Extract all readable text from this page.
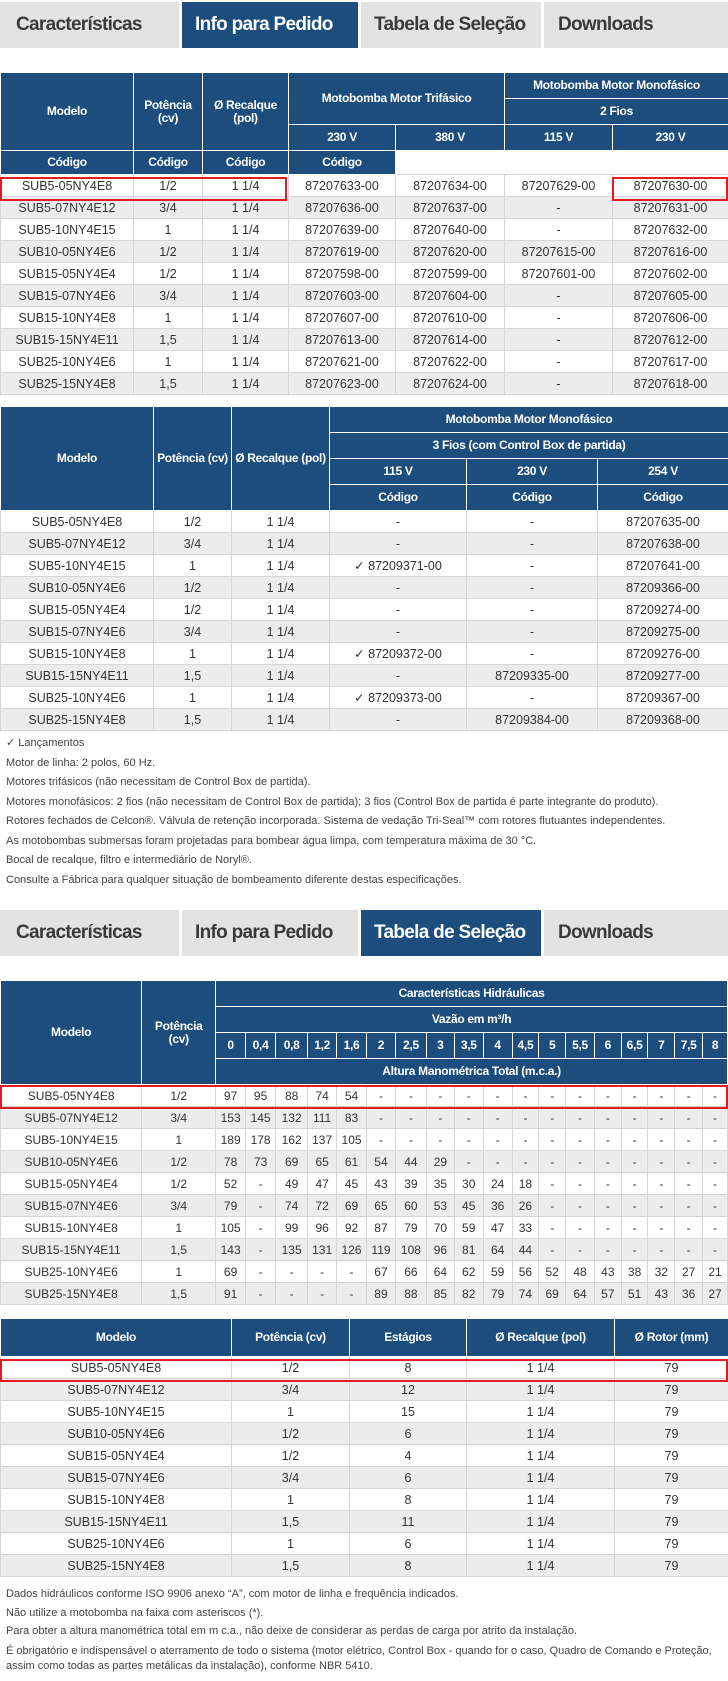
Características	Info para Pedido	Tabela de Seleção	Downloads
Modelo	Potência (cv)	Ø Recalque (pol)	Motobomba Motor Trifásico		Motobomba Motor Monofásico	
					2 Fios	
			230 V	380 V	115 V	230 V
Código	Código	Código	Código			
SUB5-05NY4E8	1/2	1 1/4	87207633-00	87207634-00	87207629-00	87207630-00
SUB5-07NY4E12	3/4	1 1/4	87207636-00	87207637-00	-	87207631-00
SUB5-10NY4E15	1	1 1/4	87207639-00	87207640-00	-	87207632-00
SUB10-05NY4E6	1/2	1 1/4	87207619-00	87207620-00	87207615-00	87207616-00
SUB15-05NY4E4	1/2	1 1/4	87207598-00	87207599-00	87207601-00	87207602-00
SUB15-07NY4E6	3/4	1 1/4	87207603-00	87207604-00	-	87207605-00
SUB15-10NY4E8	1	1 1/4	87207607-00	87207610-00	-	87207606-00
SUB15-15NY4E11	1,5	1 1/4	87207613-00	87207614-00	-	87207612-00
SUB25-10NY4E6	1	1 1/4	87207621-00	87207622-00	-	87207617-00
SUB25-15NY4E8	1,5	1 1/4	87207623-00	87207624-00	-	87207618-00
Modelo	Potência (cv)	Ø Recalque (pol)	Motobomba Motor Monofásico		
			3 Fios (com Control Box de partida)		
			115 V	230 V	254 V
			Código	Código	Código
SUB5-05NY4E8	1/2	1 1/4	-	-	87207635-00
SUB5-07NY4E12	3/4	1 1/4	-	-	87207638-00
SUB5-10NY4E15	1	1 1/4	✓ 87209371-00	-	87207641-00
SUB10-05NY4E6	1/2	1 1/4	-	-	87209366-00
SUB15-05NY4E4	1/2	1 1/4	-	-	87209274-00
SUB15-07NY4E6	3/4	1 1/4	-	-	87209275-00
SUB15-10NY4E8	1	1 1/4	✓ 87209372-00	-	87209276-00
SUB15-15NY4E11	1,5	1 1/4	-	87209335-00	87209277-00
SUB25-10NY4E6	1	1 1/4	✓ 87209373-00	-	87209367-00
SUB25-15NY4E8	1,5	1 1/4	-	87209384-00	87209368-00
✓ Lançamentos
Motor de linha: 2 polos, 60 Hz.
Motores trifásicos (não necessitam de Control Box de partida).
Motores monofásicos: 2 fios (não necessitam de Control Box de partida); 3 fios (Control Box de partida é parte integrante do produto).
Rotores fechados de Celcon®. Válvula de retenção incorporada. Sistema de vedação Tri-Seal™ com rotores flutuantes independentes.
As motobombas submersas foram projetadas para bombear água limpa, com temperatura máxima de 30 °C.
Bocal de recalque, filtro e intermediário de Noryl®.
Consulte a Fábrica para qualquer situação de bombeamento diferente destas especificações.
Características	Info para Pedido	Tabela de Seleção	Downloads
Modelo	Potência (cv)	Características Hidráulicas																	
		Vazão em m³/h																	
		0	0,4	0,8	1,2	1,6	2	2,5	3	3,5	4	4,5	5	5,5	6	6,5	7	7,5	8
		Altura Manométrica Total (m.c.a.)																	
SUB5-05NY4E8	1/2	97	95	88	74	54	-	-	-	-	-	-	-	-	-	-	-	-	-
SUB5-07NY4E12	3/4	153	145	132	111	83	-	-	-	-	-	-	-	-	-	-	-	-	-
SUB5-10NY4E15	1	189	178	162	137	105	-	-	-	-	-	-	-	-	-	-	-	-	-
SUB10-05NY4E6	1/2	78	73	69	65	61	54	44	29	-	-	-	-	-	-	-	-	-	-
SUB15-05NY4E4	1/2	52	-	49	47	45	43	39	35	30	24	18	-	-	-	-	-	-	-
SUB15-07NY4E6	3/4	79	-	74	72	69	65	60	53	45	36	26	-	-	-	-	-	-	-
SUB15-10NY4E8	1	105	-	99	96	92	87	79	70	59	47	33	-	-	-	-	-	-	-
SUB15-15NY4E11	1,5	143	-	135	131	126	119	108	96	81	64	44	-	-	-	-	-	-	-
SUB25-10NY4E6	1	69	-	-	-	-	67	66	64	62	59	56	52	48	43	38	32	27	21
SUB25-15NY4E8	1,5	91	-	-	-	-	89	88	85	82	79	74	69	64	57	51	43	36	27
Modelo	Potência (cv)	Estágios	Ø Recalque (pol)	Ø Rotor (mm)
SUB5-05NY4E8	1/2	8	1 1/4	79
SUB5-07NY4E12	3/4	12	1 1/4	79
SUB5-10NY4E15	1	15	1 1/4	79
SUB10-05NY4E6	1/2	6	1 1/4	79
SUB15-05NY4E4	1/2	4	1 1/4	79
SUB15-07NY4E6	3/4	6	1 1/4	79
SUB15-10NY4E8	1	8	1 1/4	79
SUB15-15NY4E11	1,5	11	1 1/4	79
SUB25-10NY4E6	1	6	1 1/4	79
SUB25-15NY4E8	1,5	8	1 1/4	79
Dados hidráulicos conforme ISO 9906 anexo “A”, com motor de linha e frequência indicados.
Não utilize a motobomba na faixa com asteriscos (*).
Para obter a altura manométrica total em m c.a., não deixe de considerar as perdas de carga por atrito da instalação.
É obrigatório e indispensável o aterramento de todo o sistema (motor elétrico, Control Box - quando for o caso, Quadro de Comando e Proteção,
assim como todas as partes metálicas da instalação), conforme NBR 5410.
